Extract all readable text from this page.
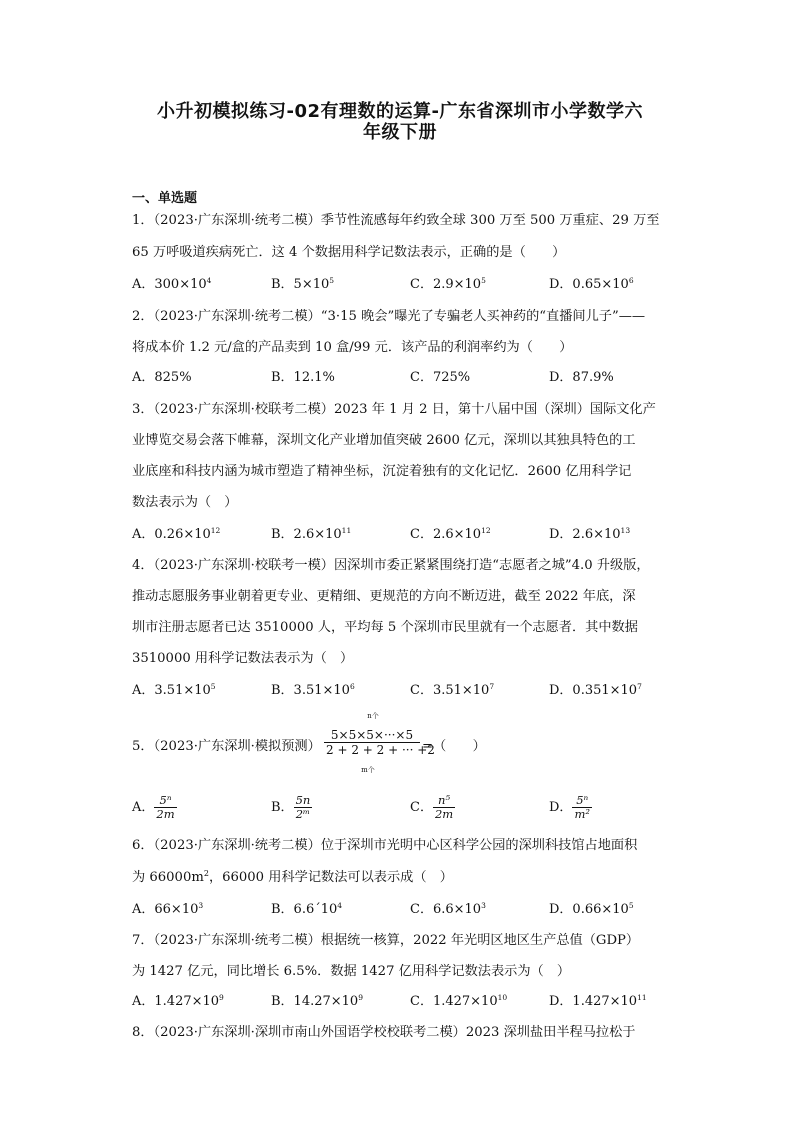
小升初模拟练习-02有理数的运算-广东省深圳市小学数学六
年级下册
一、单选题
1．（2023·广东深圳·统考二模）季节性流感每年约致全球 300 万至 500 万重症、29 万至
65 万呼吸道疾病死亡．这 4 个数据用科学记数法表示，正确的是（　　）
A．$300\times 10^4$	B．$5\times 10^5$	C．$2.9\times 10^5$	D．$0.65\times 10^6$
2．（2023·广东深圳·统考二模）“3·15 晚会”曝光了专骗老人买神药的“直播间儿子”——
将成本价 1.2 元/盒的产品卖到 10 盒/99 元．该产品的利润率约为（　　）
A．825%	B．12.1%	C．725%	D．87.9%
3．（2023·广东深圳·校联考二模）2023 年 1 月 2 日，第十八届中国（深圳）国际文化产
业博览交易会落下帷幕，深圳文化产业增加值突破 2600 亿元，深圳以其独具特色的工
业底座和科技内涵为城市塑造了精神坐标，沉淀着独有的文化记忆．2600 亿用科学记
数法表示为（　）
A．$0.26\times 10^{12}$	B．$2.6\times 10^{11}$	C．$2.6\times 10^{12}$	D．$2.6\times 10^{13}$
4．（2023·广东深圳·校联考一模）因深圳市委正紧紧围绕打造“志愿者之城”4.0 升级版，
推动志愿服务事业朝着更专业、更精细、更规范的方向不断迈进，截至 2022 年底，深
圳市注册志愿者已达 3510000 人，平均每 5 个深圳市民里就有一个志愿者．其中数据
3510000 用科学记数法表示为（　）
A．$3.51\times 10^5$	B．$3.51\times 10^6$	C．$3.51\times 10^7$	D．$0.351\times 10^7$
5．（2023·广东深圳·模拟预测）
n个
5×5×5×···×5
2 + 2 + 2 + ··· +2
m个
=（　　）
A． $\frac{\text{5ⁿ}}{2m}$	B． $\frac{5n}{\text{2ᵐ}}$	C． $\frac{\text{n⁵}}{2m}$	D． $\frac{\text{5ⁿ}}{\text{m²}}$
6．（2023·广东深圳·统考二模）位于深圳市光明中心区科学公园的深圳科技馆占地面积
为 $66000m^2$，66000 用科学记数法可以表示成（　）
A．$66\times 10^3$	B．$6.6´10^4$	C．$6.6\times 10^3$	D．$0.66\times 10^5$
7．（2023·广东深圳·统考二模）根据统一核算，2022 年光明区地区生产总值（GDP）
为 1427 亿元，同比增长 6.5%．数据 1427 亿用科学记数法表示为（　）
A．$1.427\times 10^9$	B．$14.27\times 10^9$	C．$1.427\times 10^{10}$	D．$1.427\times 10^{11}$
8．（2023·广东深圳·深圳市南山外国语学校校联考二模）2023 深圳盐田半程马拉松于
